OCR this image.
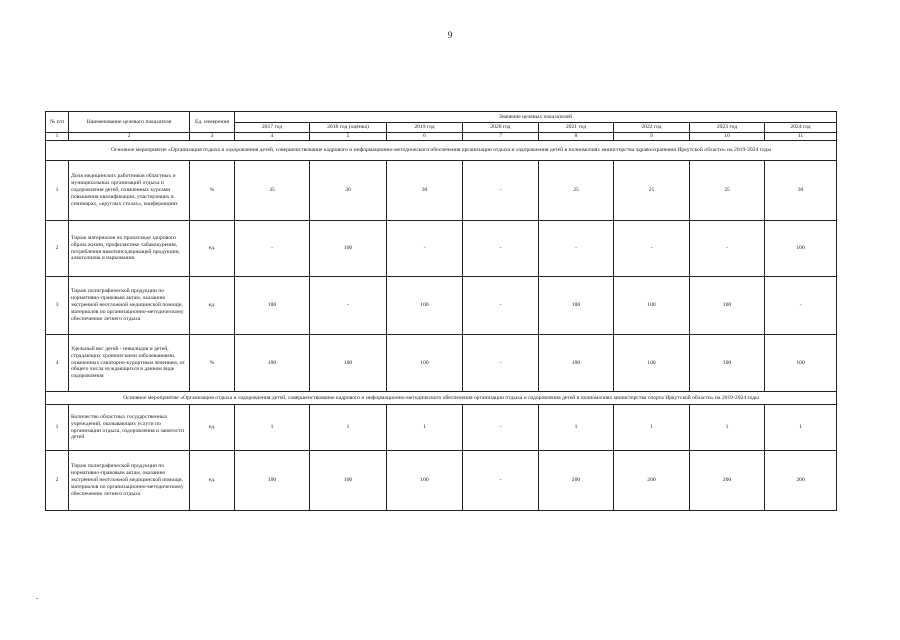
9
№ п/п	Наименование целевого показателя	Ед. измерения	Значение целевых показателей							
			2017 год	2018 год (оценка)	2019 год	2020 год	2021 год	2022 год	2023 год	2024 год
1	2	3	4	5	6	7	8	9	10	11
Основное мероприятие «Организация отдыха и оздоровления детей, совершенствование кадрового и информационно-методического обеспечения организации отдыха и оздоровления детей в полномочиях министерства здравоохранения Иркутской области» на 2019-2024 годы										
1	Доля медицинских работников областных и муниципальных организаций отдыха и оздоровления детей, охваченных курсами повышения квалификации, участвующих в семинарах, «круглых столах», конференциях	%	35	30	30	-	25	25	25	30
2	Тираж материалов по пропаганде здорового образа жизни, профилактике табакокурения, потребления никотинсодержащей продукции, алкоголизма и наркомании	ед.	-	100	-	-	-	-	-	100
3	Тираж полиграфической продукции по нормативно-правовым актам, оказанию экстренной неотложной медицинской помощи, материалов по организационно-методическому обеспечению летнего отдыха	ед.	100	-	100	-	100	100	100	-
4	Удельный вес детей - инвалидов и детей, страдающих хроническими заболеваниями, охваченных санаторно-курортным лечением, от общего числа нуждающихся в данном виде оздоровления	%	100	100	100	-	100	100	100	100
Основное мероприятие «Организация отдыха и оздоровления детей, совершенствование кадрового и информационно-методического обеспечения организации отдыха и оздоровления детей в полномочиях министерства спорта Иркутской области» на 2019-2024 годы										
1	Количество областных государственных учреждений, оказывающих услуги по организации отдыха, оздоровления и занятости детей	ед.	1	1	1	-	1	1	1	1
2	Тираж полиграфической продукции по нормативно-правовым актам, оказанию экстренной неотложной медицинской помощи, материалов по организационно-методическому обеспечению летнего отдыха	ед.	100	100	100	-	200	200	200	200
